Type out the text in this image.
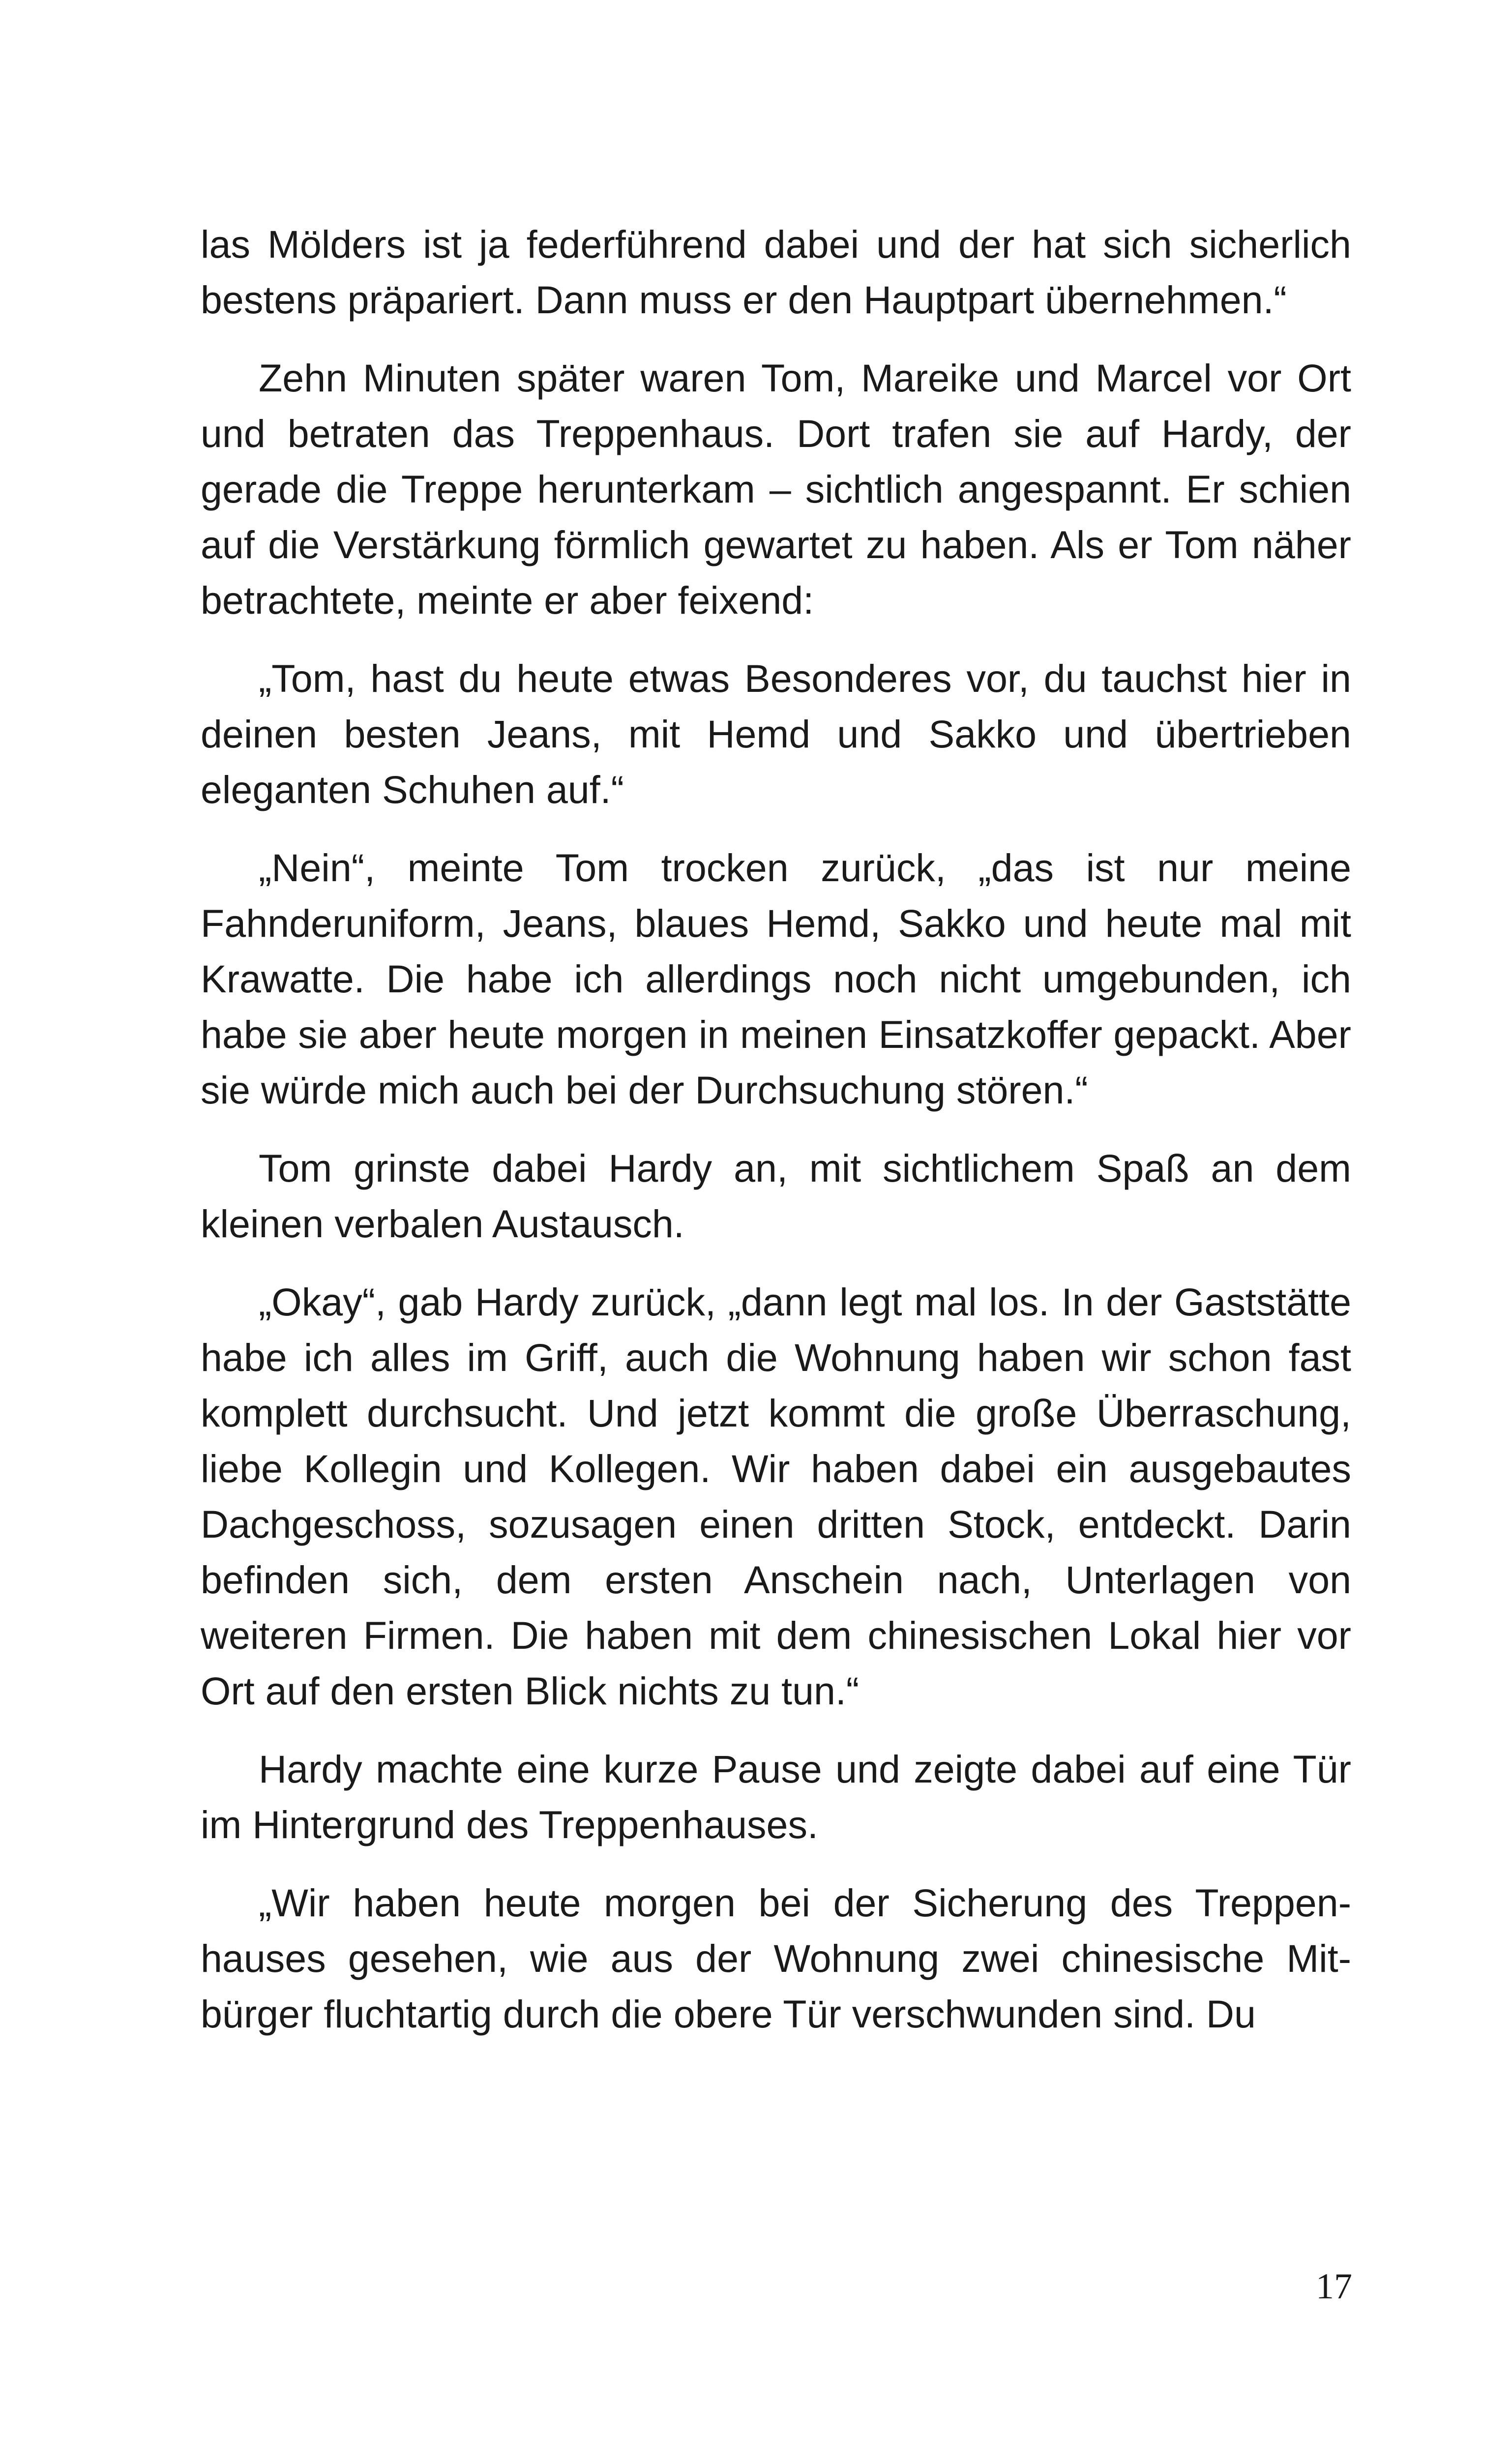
las Mölders ist ja federführend dabei und der hat sich sicherlich bestens präpariert. Dann muss er den Hauptpart übernehmen.“

Zehn Minuten später waren Tom, Mareike und Marcel vor Ort und betraten das Treppenhaus. Dort trafen sie auf Hardy, der gerade die Treppe herunterkam – sichtlich angespannt. Er schien auf die Verstärkung förmlich gewartet zu haben. Als er Tom näher betrachtete, meinte er aber feixend:

„Tom, hast du heute etwas Besonderes vor, du tauchst hier in deinen besten Jeans, mit Hemd und Sakko und übertrieben eleganten Schuhen auf.“

„Nein“, meinte Tom trocken zurück, „das ist nur meine Fahnderuniform, Jeans, blaues Hemd, Sakko und heute mal mit Krawatte. Die habe ich allerdings noch nicht umgebunden, ich habe sie aber heute morgen in meinen Einsatzkoffer gepackt. Aber sie würde mich auch bei der Durchsuchung stören.“

Tom grinste dabei Hardy an, mit sichtlichem Spaß an dem kleinen verbalen Austausch.

„Okay“, gab Hardy zurück, „dann legt mal los. In der Gaststätte habe ich alles im Griff, auch die Wohnung haben wir schon fast komplett durchsucht. Und jetzt kommt die große Überraschung, liebe Kollegin und Kollegen. Wir haben dabei ein ausgebautes Dachgeschoss, sozusagen einen dritten Stock, entdeckt. Darin befinden sich, dem ersten Anschein nach, Unterlagen von weiteren Firmen. Die haben mit dem chinesischen Lokal hier vor Ort auf den ersten Blick nichts zu tun.“

Hardy machte eine kurze Pause und zeigte dabei auf eine Tür im Hintergrund des Treppenhauses.

„Wir haben heute morgen bei der Sicherung des Treppenhauses gesehen, wie aus der Wohnung zwei chinesische Mitbürger fluchtartig durch die obere Tür verschwunden sind. Du

17
